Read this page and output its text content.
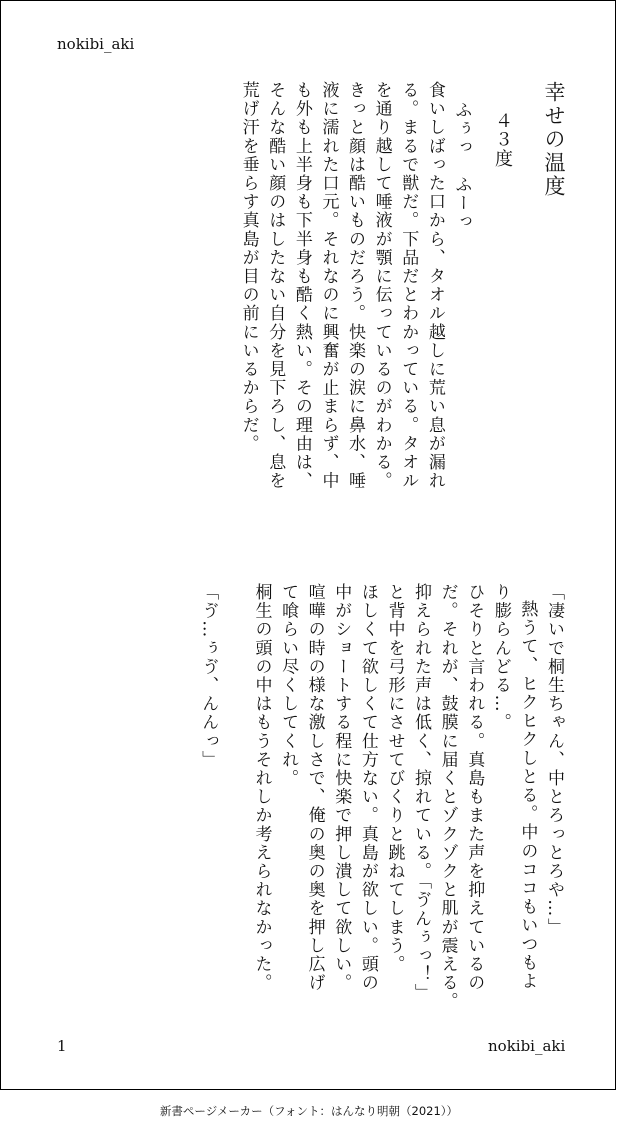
nokibi_aki
幸せの温度
４３度
ふぅっ　ふーっ
食いしばった口から、タオル越しに荒い息が漏れ
る。まるで獣だ。下品だとわかっている。タオル
を通り越して唾液が顎に伝っているのがわかる。
きっと顔は酷いものだろう。快楽の涙に鼻水、唾
液に濡れた口元。それなのに興奮が止まらず、中
も外も上半身も下半身も酷く熱い。その理由は、
そんな酷い顔のはしたない自分を見下ろし、息を
荒げ汗を垂らす真島が目の前にいるからだ。
「凄いで桐生ちゃん、中とろっとろや…」
熱うて、ヒクヒクしとる。中のココもいつもよ
り膨らんどる…。
ひそりと言われる。真島もまた声を抑えているの
だ。それが、鼓膜に届くとゾクゾクと肌が震える。
抑えられた声は低く、掠れている。「ゔんぅっ！」
と背中を弓形にさせてびくりと跳ねてしまう。
ほしくて欲しくて仕方ない。真島が欲しい。頭の
中がショートする程に快楽で押し潰して欲しい。
喧嘩の時の様な激しさで、俺の奥の奥を押し広げ
て喰らい尽くしてくれ。
桐生の頭の中はもうそれしか考えられなかった。
「ゔ…ぅゔ、んんっ」
1	nokibi_aki
新書ページメーカー（フォント：はんなり明朝（2021））
